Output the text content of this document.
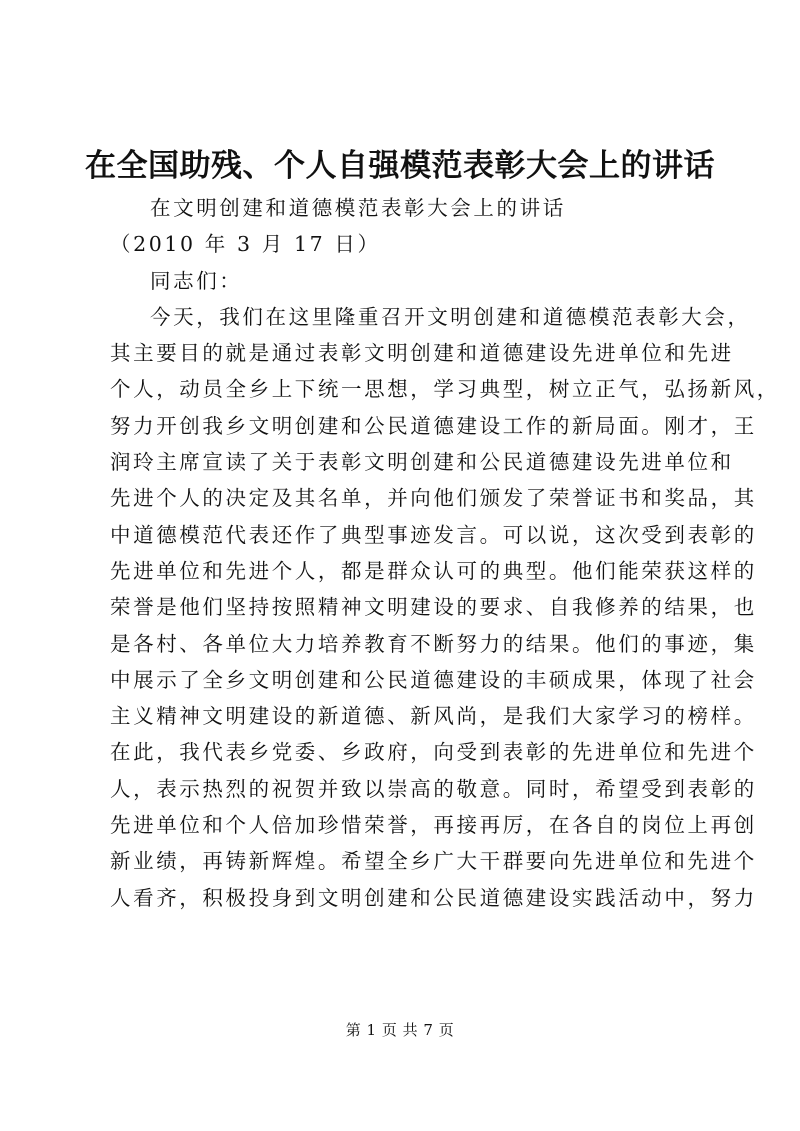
在全国助残、个人自强模范表彰大会上的讲话
在文明创建和道德模范表彰大会上的讲话
（2010 年 3 月 17 日）
同志们：
今天，我们在这里隆重召开文明创建和道德模范表彰大会，
其主要目的就是通过表彰文明创建和道德建设先进单位和先进
个人，动员全乡上下统一思想，学习典型，树立正气，弘扬新风，
努力开创我乡文明创建和公民道德建设工作的新局面。刚才，王
润玲主席宣读了关于表彰文明创建和公民道德建设先进单位和
先进个人的决定及其名单，并向他们颁发了荣誉证书和奖品，其
中道德模范代表还作了典型事迹发言。可以说，这次受到表彰的
先进单位和先进个人，都是群众认可的典型。他们能荣获这样的
荣誉是他们坚持按照精神文明建设的要求、自我修养的结果，也
是各村、各单位大力培养教育不断努力的结果。他们的事迹，集
中展示了全乡文明创建和公民道德建设的丰硕成果，体现了社会
主义精神文明建设的新道德、新风尚，是我们大家学习的榜样。
在此，我代表乡党委、乡政府，向受到表彰的先进单位和先进个
人，表示热烈的祝贺并致以崇高的敬意。同时，希望受到表彰的
先进单位和个人倍加珍惜荣誉，再接再厉，在各自的岗位上再创
新业绩，再铸新辉煌。希望全乡广大干群要向先进单位和先进个
人看齐，积极投身到文明创建和公民道德建设实践活动中，努力
第 1 页 共 7 页
